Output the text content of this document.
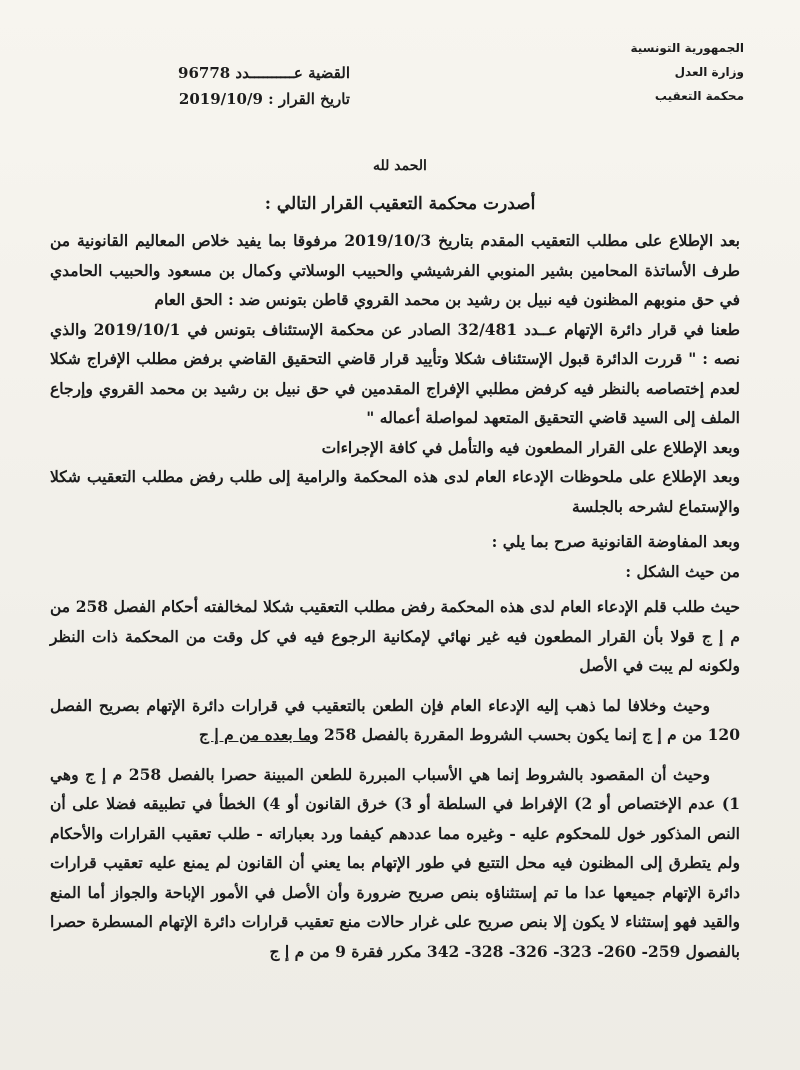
الجمهورية التونسية
وزارة العدل
محكمة التعقيب
القضية عــــــــــدد 96778
تاريخ القرار : 2019/10/9
الحمد لله
أصدرت محكمة التعقيب القرار التالي :

بعد الإطلاع على مطلب التعقيب المقدم بتاريخ 2019/10/3 مرفوقا بما يفيد خلاص المعاليم القانونية من طرف الأساتذة المحامين بشير المنوبي الفرشيشي والحبيب الوسلاتي وكمال بن مسعود والحبيب الحامدي في حق منوبهم المظنون فيه نبيل بن رشيد بن محمد القروي قاطن بتونس ضد : الحق العام

طعنا في قرار دائرة الإتهام عــدد 32/481 الصادر عن محكمة الإستئناف بتونس في 2019/10/1 والذي نصه : " قررت الدائرة قبول الإستئناف شكلا وتأييد قرار قاضي التحقيق القاضي برفض مطلب الإفراج شكلا لعدم إختصاصه بالنظر فيه كرفض مطلبي الإفراج المقدمين في حق نبيل بن رشيد بن محمد القروي وإرجاع الملف إلى السيد قاضي التحقيق المتعهد لمواصلة أعماله "

وبعد الإطلاع على القرار المطعون فيه والتأمل في كافة الإجراءات

وبعد الإطلاع على ملحوظات الإدعاء العام لدى هذه المحكمة والرامية إلى طلب رفض مطلب التعقيب شكلا والإستماع لشرحه بالجلسة

وبعد المفاوضة القانونية صرح بما يلي :

من حيث الشكل :

حيث طلب قلم الإدعاء العام لدى هذه المحكمة رفض مطلب التعقيب شكلا لمخالفته أحكام الفصل 258 من م إ ج قولا بأن القرار المطعون فيه غير نهائي لإمكانية الرجوع فيه في كل وقت من المحكمة ذات النظر ولكونه لم يبت في الأصل

وحيث وخلافا لما ذهب إليه الإدعاء العام فإن الطعن بالتعقيب في قرارات دائرة الإتهام بصريح الفصل 120 من م إ ج إنما يكون بحسب الشروط المقررة بالفصل 258 وما بعده من م إ ج

وحيث أن المقصود بالشروط إنما هي الأسباب المبررة للطعن المبينة حصرا بالفصل 258 م إ ج وهي 1) عدم الإختصاص أو 2) الإفراط في السلطة أو 3) خرق القانون أو 4) الخطأ في تطبيقه فضلا على أن النص المذكور خول للمحكوم عليه - وغيره مما عددهم كيفما ورد بعباراته - طلب تعقيب القرارات والأحكام ولم يتطرق إلى المظنون فيه محل التتبع في طور الإتهام بما يعني أن القانون لم يمنع عليه تعقيب قرارات دائرة الإتهام جميعها عدا ما تم إستثناؤه بنص صريح ضرورة وأن الأصل في الأمور الإباحة والجواز أما المنع والقيد فهو إستثناء لا يكون إلا بنص صريح على غرار حالات منع تعقيب قرارات دائرة الإتهام المسطرة حصرا بالفصول 259- 260- 323- 326- 328- 342 مكرر فقرة 9 من م إ ج
